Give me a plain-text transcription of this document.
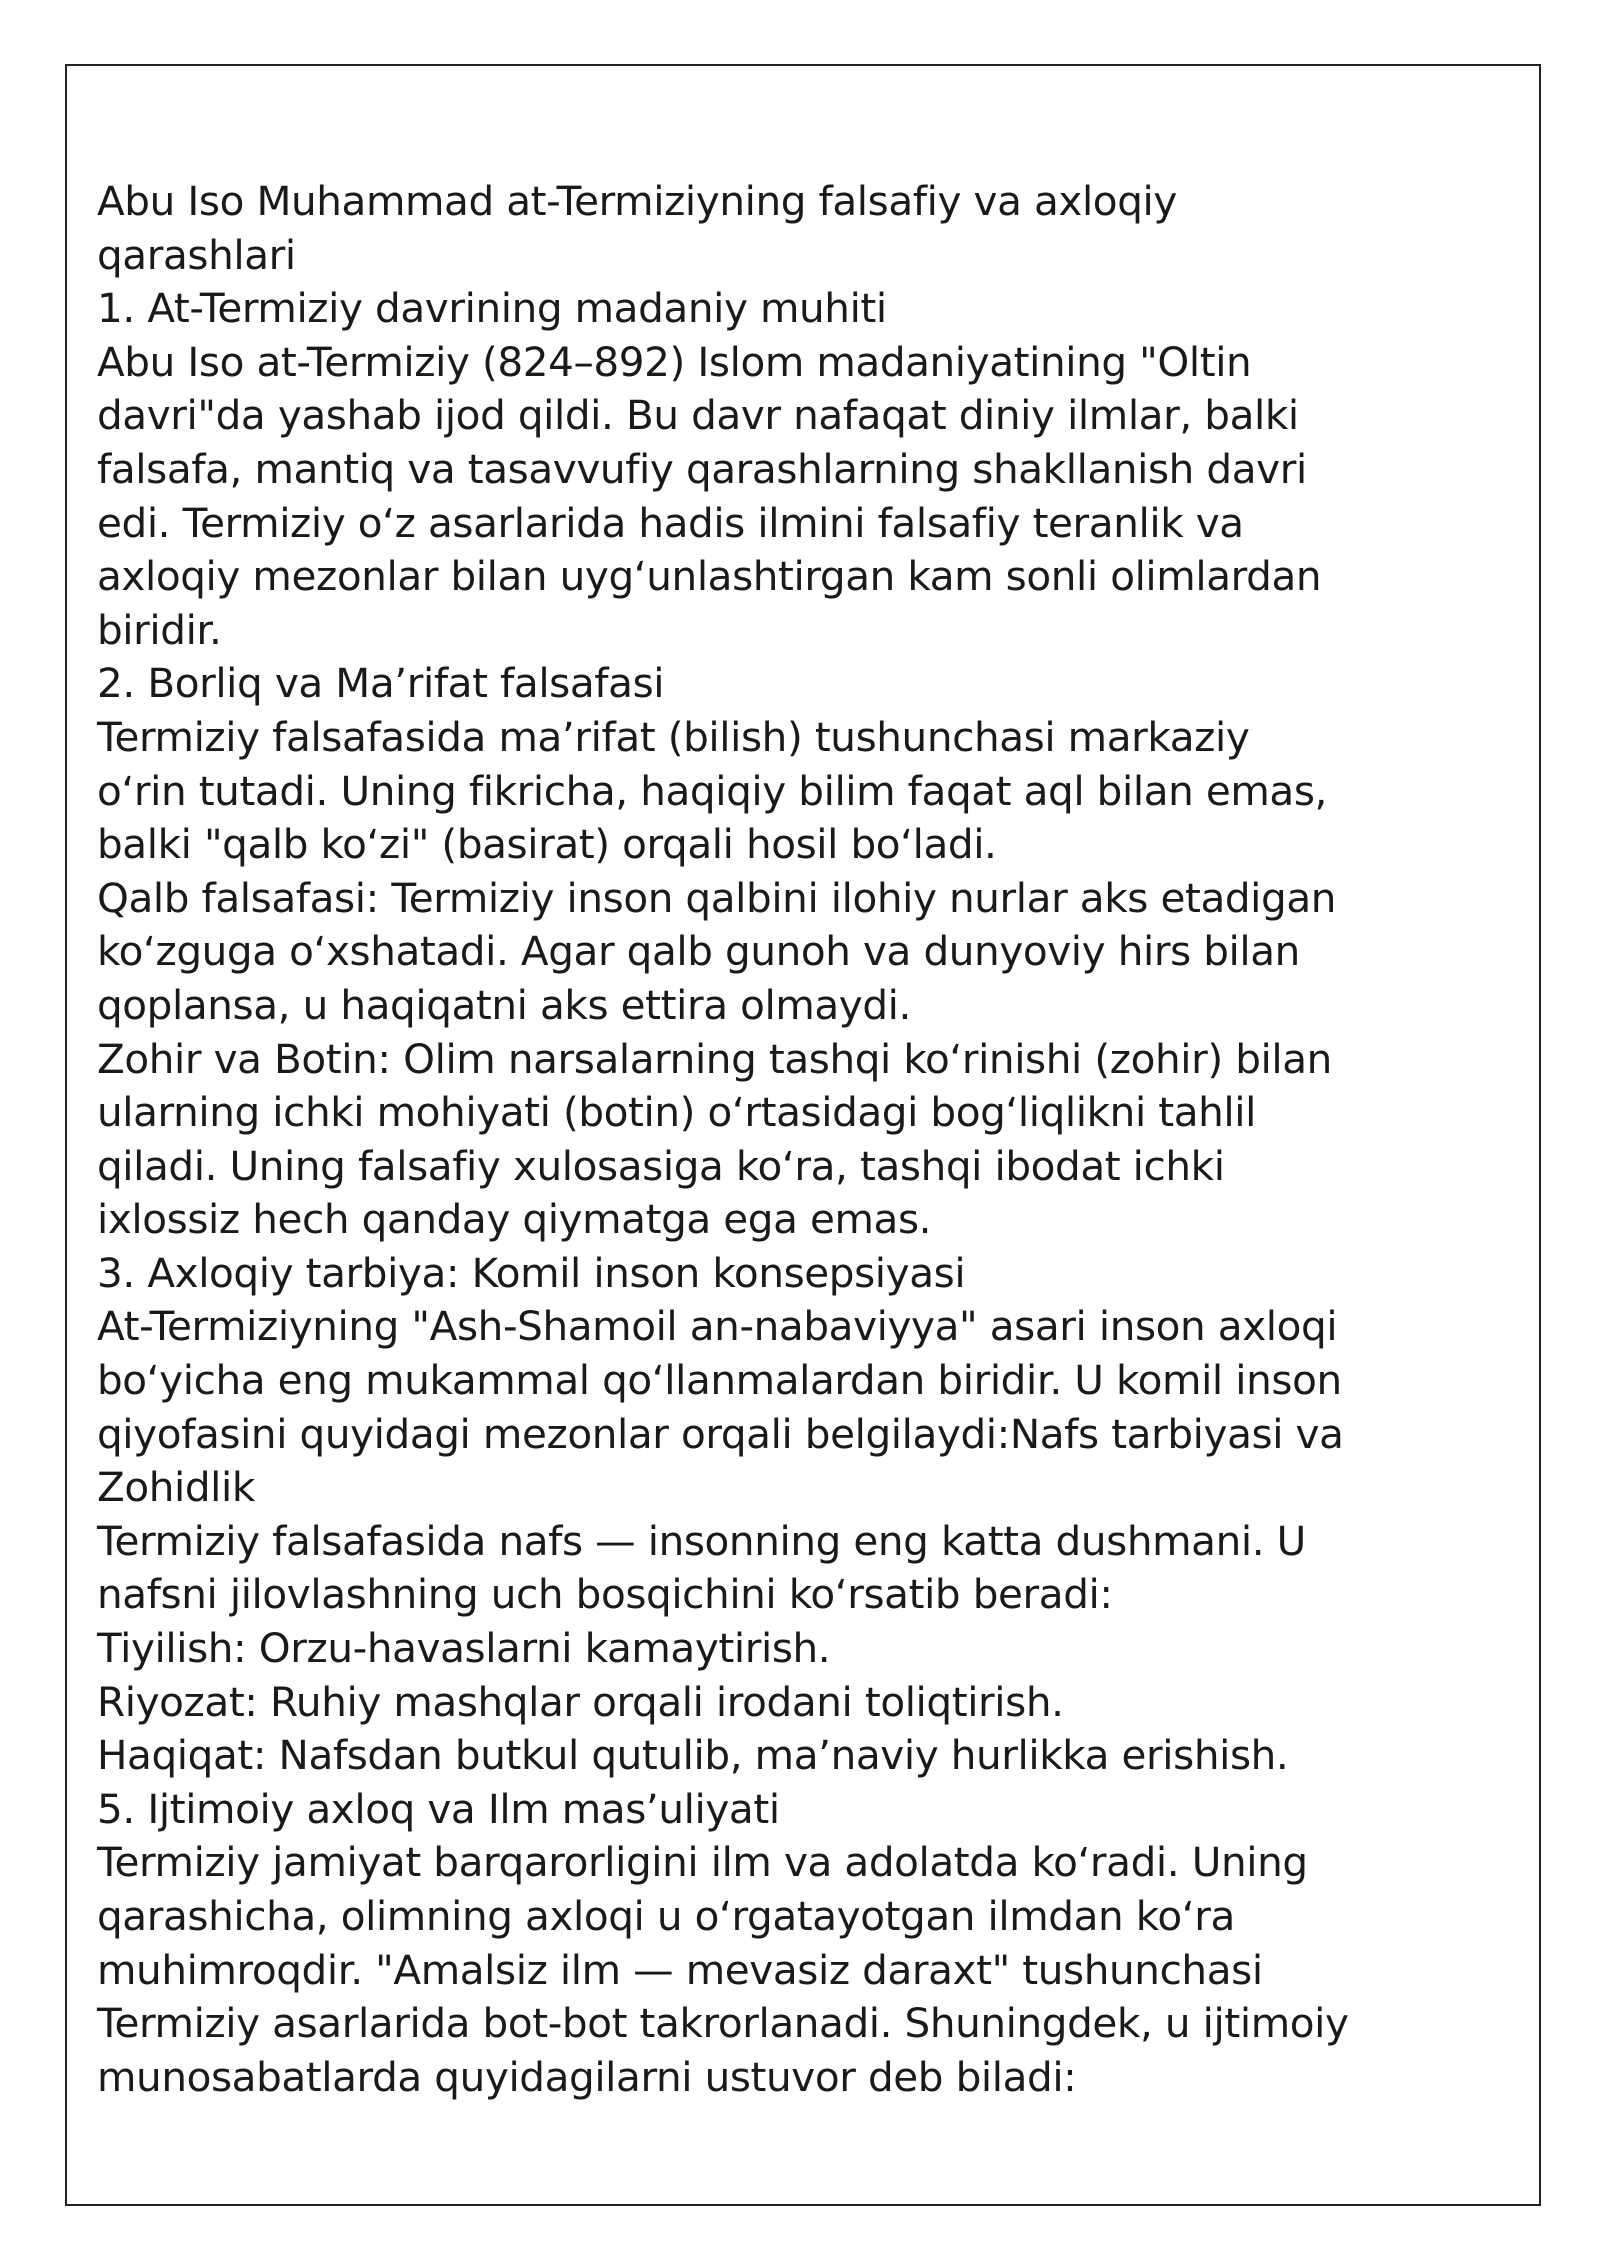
Abu Iso Muhammad at-Termiziyning falsafiy va axloqiy
qarashlari
1. At-Termiziy davrining madaniy muhiti
Abu Iso at-Termiziy (824–892) Islom madaniyatining "Oltin
davri"da yashab ijod qildi. Bu davr nafaqat diniy ilmlar, balki
falsafa, mantiq va tasavvufiy qarashlarning shakllanish davri
edi. Termiziy oʻz asarlarida hadis ilmini falsafiy teranlik va
axloqiy mezonlar bilan uygʻunlashtirgan kam sonli olimlardan
biridir.
2. Borliq va Maʼrifat falsafasi
Termiziy falsafasida maʼrifat (bilish) tushunchasi markaziy
oʻrin tutadi. Uning fikricha, haqiqiy bilim faqat aql bilan emas,
balki "qalb koʻzi" (basirat) orqali hosil boʻladi.
Qalb falsafasi: Termiziy inson qalbini ilohiy nurlar aks etadigan
koʻzguga oʻxshatadi. Agar qalb gunoh va dunyoviy hirs bilan
qoplansa, u haqiqatni aks ettira olmaydi.
Zohir va Botin: Olim narsalarning tashqi koʻrinishi (zohir) bilan
ularning ichki mohiyati (botin) oʻrtasidagi bogʻliqlikni tahlil
qiladi. Uning falsafiy xulosasiga koʻra, tashqi ibodat ichki
ixlossiz hech qanday qiymatga ega emas.
3. Axloqiy tarbiya: Komil inson konsepsiyasi
At-Termiziyning "Ash-Shamoil an-nabaviyya" asari inson axloqi
boʻyicha eng mukammal qoʻllanmalardan biridir. U komil inson
qiyofasini quyidagi mezonlar orqali belgilaydi:Nafs tarbiyasi va
Zohidlik
Termiziy falsafasida nafs — insonning eng katta dushmani. U
nafsni jilovlashning uch bosqichini koʻrsatib beradi:
Tiyilish: Orzu-havaslarni kamaytirish.
Riyozat: Ruhiy mashqlar orqali irodani toliqtirish.
Haqiqat: Nafsdan butkul qutulib, maʼnaviy hurlikka erishish.
5. Ijtimoiy axloq va Ilm masʼuliyati
Termiziy jamiyat barqarorligini ilm va adolatda koʻradi. Uning
qarashicha, olimning axloqi u oʻrgatayotgan ilmdan koʻra
muhimroqdir. "Amalsiz ilm — mevasiz daraxt" tushunchasi
Termiziy asarlarida bot-bot takrorlanadi. Shuningdek, u ijtimoiy
munosabatlarda quyidagilarni ustuvor deb biladi:
